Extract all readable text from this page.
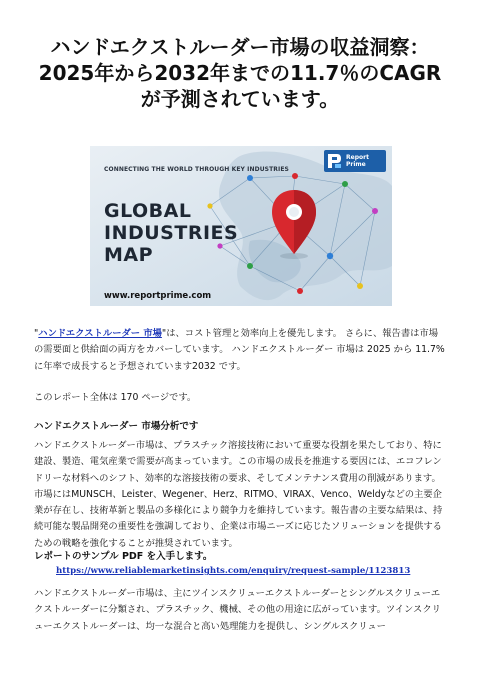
ハンドエクストルーダー市場の収益洞察：2025年から2032年までの11.7％のCAGRが予測されています。
CONNECTING THE WORLD THROUGH KEY INDUSTRIES
GLOBAL
INDUSTRIES
MAP
www.reportprime.com
Report
Prime

"ハンドエクストルーダー 市場"は、コスト管理と効率向上を優先します。 さらに、報告書は市場の需要面と供給面の両方をカバーしています。 ハンドエクストルーダー 市場は 2025 から 11.7% に年率で成長すると予想されています2032 です。

このレポート全体は 170 ページです。

ハンドエクストルーダー 市場分析です

ハンドエクストルーダー市場は、プラスチック溶接技術において重要な役割を果たしており、特に建設、製造、電気産業で需要が高まっています。この市場の成長を推進する要因には、エコフレンドリーな材料へのシフト、効率的な溶接技術の要求、そしてメンテナンス費用の削減があります。市場にはMUNSCH、Leister、Wegener、Herz、RITMO、VIRAX、Venco、Weldyなどの主要企業が存在し、技術革新と製品の多様化により競争力を維持しています。報告書の主要な結果は、持続可能な製品開発の重要性を強調しており、企業は市場ニーズに応じたソリューションを提供するための戦略を強化することが推奨されています。

レポートのサンプル PDF を入手します。

https://www.reliablemarketinsights.com/enquiry/request-sample/1123813

ハンドエクストルーダー市場は、主にツインスクリューエクストルーダーとシングルスクリューエクストルーダーに分類され、プラスチック、機械、その他の用途に広がっています。ツインスクリューエクストルーダーは、均一な混合と高い処理能力を提供し、シングルスクリュー
